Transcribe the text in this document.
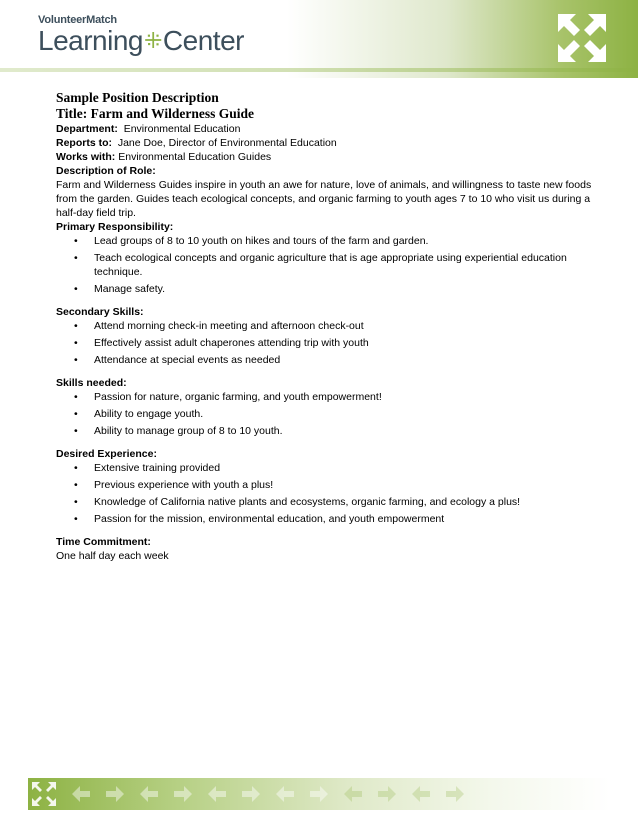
VolunteerMatch
Learning⁜Center

Sample Position Description

Title: Farm and Wilderness Guide

Department: Environmental Education

Reports to: Jane Doe, Director of Environmental Education

Works with: Environmental Education Guides

Description of Role:

Farm and Wilderness Guides inspire in youth an awe for nature, love of animals, and willingness to taste new foods from the garden. Guides teach ecological concepts, and organic farming to youth ages 7 to 10 who visit us during a half-day field trip.

Primary Responsibility:

• Lead groups of 8 to 10 youth on hikes and tours of the farm and garden.
• Teach ecological concepts and organic agriculture that is age appropriate using experiential education technique.
• Manage safety.

Secondary Skills:

• Attend morning check-in meeting and afternoon check-out
• Effectively assist adult chaperones attending trip with youth
• Attendance at special events as needed

Skills needed:

• Passion for nature, organic farming, and youth empowerment!
• Ability to engage youth.
• Ability to manage group of 8 to 10 youth.

Desired Experience:

• Extensive training provided
• Previous experience with youth a plus!
• Knowledge of California native plants and ecosystems, organic farming, and ecology a plus!
• Passion for the mission, environmental education, and youth empowerment

Time Commitment:

One half day each week
